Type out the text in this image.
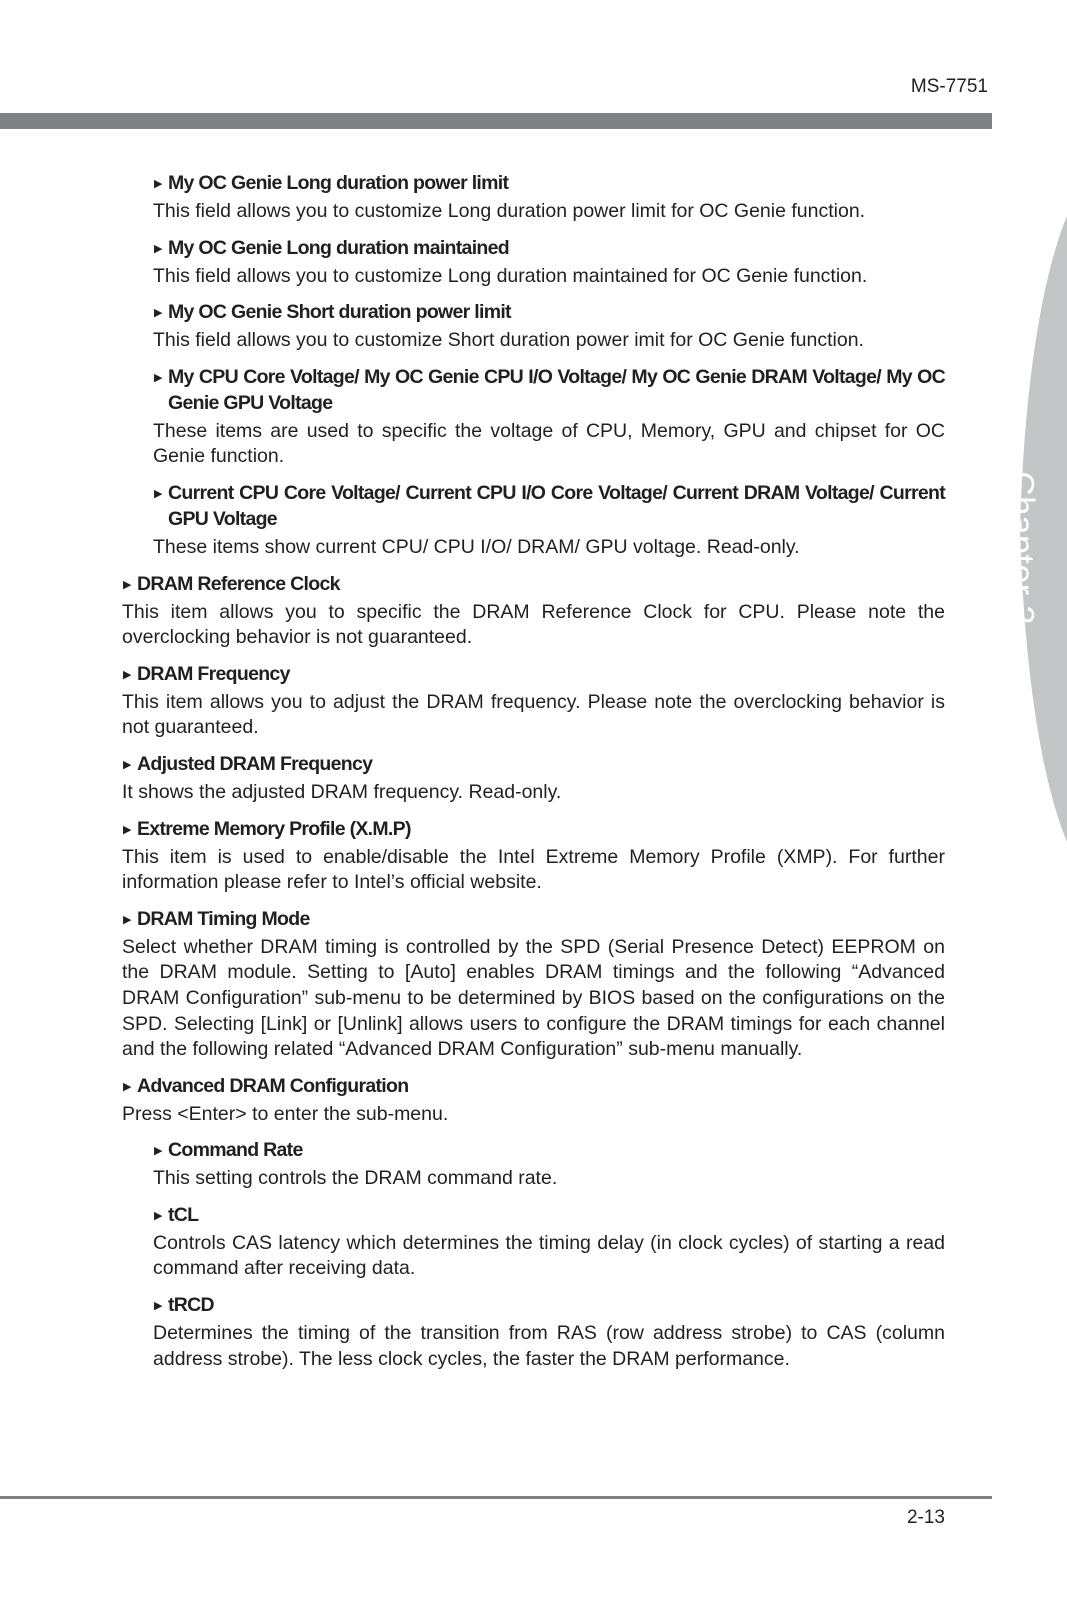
MS-7751
Chapter 2
▶ My OC Genie Long duration power limit
This field allows you to customize Long duration power limit for OC Genie function.
▶ My OC Genie Long duration maintained
This field allows you to customize Long duration maintained for OC Genie function.
▶ My OC Genie Short duration power limit
This field allows you to customize Short duration power imit for OC Genie function.
▶ My CPU Core Voltage/ My OC Genie CPU I/O Voltage/ My OC Genie DRAM Voltage/ My OC Genie GPU Voltage
These items are used to specific the voltage of CPU, Memory, GPU and chipset for OC Genie function.
▶ Current CPU Core Voltage/ Current CPU I/O Core Voltage/ Current DRAM Voltage/ Current GPU Voltage
These items show current CPU/ CPU I/O/ DRAM/ GPU voltage. Read-only.
▶ DRAM Reference Clock
This item allows you to specific the DRAM Reference Clock for CPU. Please note the overclocking behavior is not guaranteed.
▶ DRAM Frequency
This item allows you to adjust the DRAM frequency. Please note the overclocking behavior is not guaranteed.
▶ Adjusted DRAM Frequency
It shows the adjusted DRAM frequency. Read-only.
▶ Extreme Memory Profile (X.M.P)
This item is used to enable/disable the Intel Extreme Memory Profile (XMP). For further information please refer to Intel’s official website.
▶ DRAM Timing Mode
Select whether DRAM timing is controlled by the SPD (Serial Presence Detect) EEPROM on the DRAM module. Setting to [Auto] enables DRAM timings and the following “Advanced DRAM Configuration” sub-menu to be determined by BIOS based on the configurations on the SPD. Selecting [Link] or [Unlink] allows users to configure the DRAM timings for each channel and the following related “Advanced DRAM Configuration” sub-menu manually.
▶ Advanced DRAM Configuration
Press <Enter> to enter the sub-menu.
▶ Command Rate
This setting controls the DRAM command rate.
▶ tCL
Controls CAS latency which determines the timing delay (in clock cycles) of starting a read command after receiving data.
▶ tRCD
Determines the timing of the transition from RAS (row address strobe) to CAS (column address strobe). The less clock cycles, the faster the DRAM performance.
2-13
